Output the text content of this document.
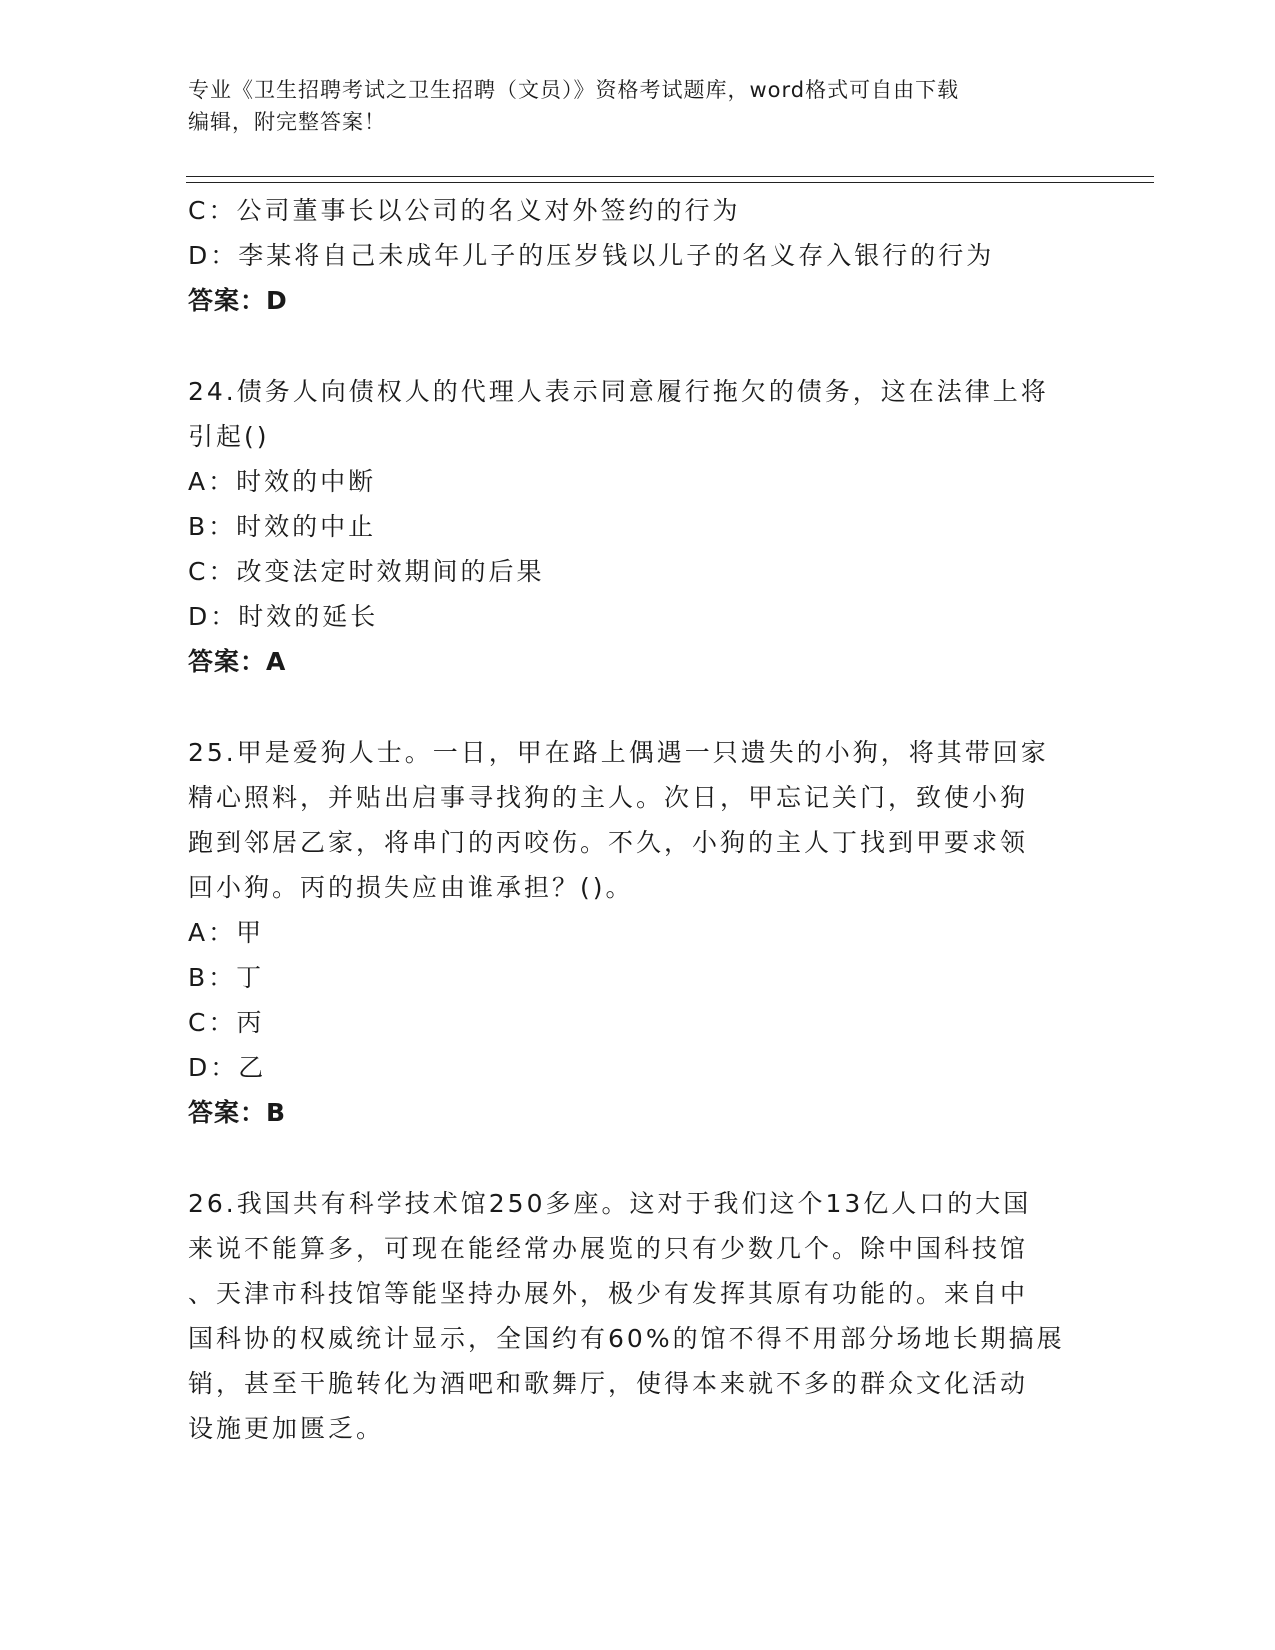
专业《卫生招聘考试之卫生招聘（文员）》资格考试题库，word格式可自由下载
编辑，附完整答案！
C：公司董事长以公司的名义对外签约的行为
D：李某将自己未成年儿子的压岁钱以儿子的名义存入银行的行为
答案：D
24.债务人向债权人的代理人表示同意履行拖欠的债务，这在法律上将
引起()
A：时效的中断
B：时效的中止
C：改变法定时效期间的后果
D：时效的延长
答案：A
25.甲是爱狗人士。一日，甲在路上偶遇一只遗失的小狗，将其带回家
精心照料，并贴出启事寻找狗的主人。次日，甲忘记关门，致使小狗
跑到邻居乙家，将串门的丙咬伤。不久，小狗的主人丁找到甲要求领
回小狗。丙的损失应由谁承担？()。
A：甲
B：丁
C：丙
D：乙
答案：B
26.我国共有科学技术馆250多座。这对于我们这个13亿人口的大国
来说不能算多，可现在能经常办展览的只有少数几个。除中国科技馆
、天津市科技馆等能坚持办展外，极少有发挥其原有功能的。来自中
国科协的权威统计显示，全国约有60%的馆不得不用部分场地长期搞展
销，甚至干脆转化为酒吧和歌舞厅，使得本来就不多的群众文化活动
设施更加匮乏。
